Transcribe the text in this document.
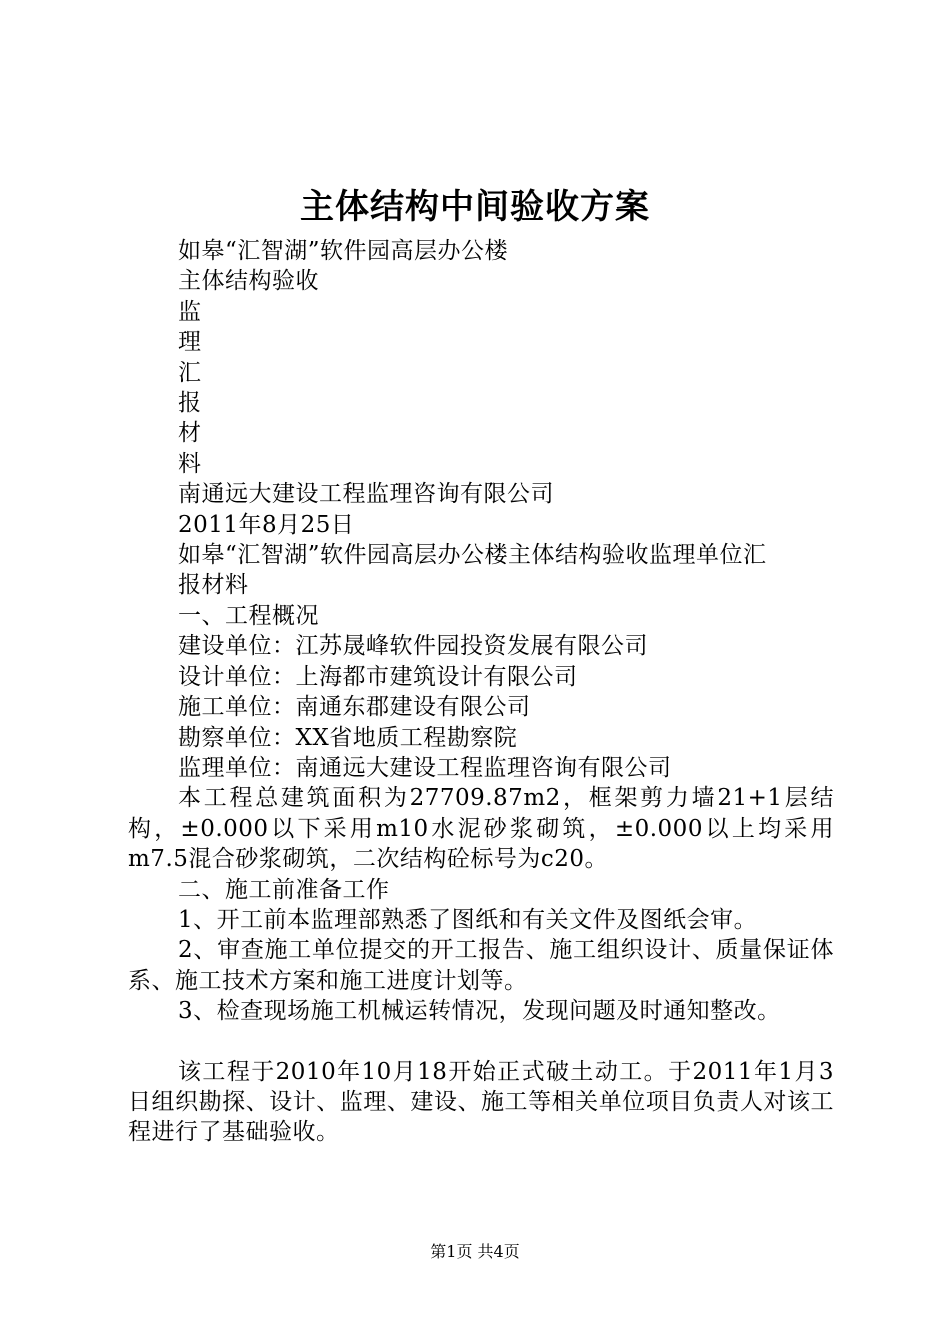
主体结构中间验收方案

如皋“汇智湖”软件园高层办公楼

主体结构验收

监

理

汇

报

材

料

南通远大建设工程监理咨询有限公司

2011年8月25日

如皋“汇智湖”软件园高层办公楼主体结构验收监理单位汇

报材料

一、工程概况

建设单位：江苏晟峰软件园投资发展有限公司

设计单位：上海都市建筑设计有限公司

施工单位：南通东郡建设有限公司

勘察单位：XX省地质工程勘察院

监理单位：南通远大建设工程监理咨询有限公司

本工程总建筑面积为27709.87m2，框架剪力墙21+1层结构，±0.000以下采用m10水泥砂浆砌筑，±0.000以上均采用m7.5混合砂浆砌筑，二次结构砼标号为c20。

二、施工前准备工作

1、开工前本监理部熟悉了图纸和有关文件及图纸会审。

2、审查施工单位提交的开工报告、施工组织设计、质量保证体系、施工技术方案和施工进度计划等。

3、检查现场施工机械运转情况，发现问题及时通知整改。

该工程于2010年10月18开始正式破土动工。于2011年1月3日组织勘探、设计、监理、建设、施工等相关单位项目负责人对该工程进行了基础验收。

第1页 共4页
